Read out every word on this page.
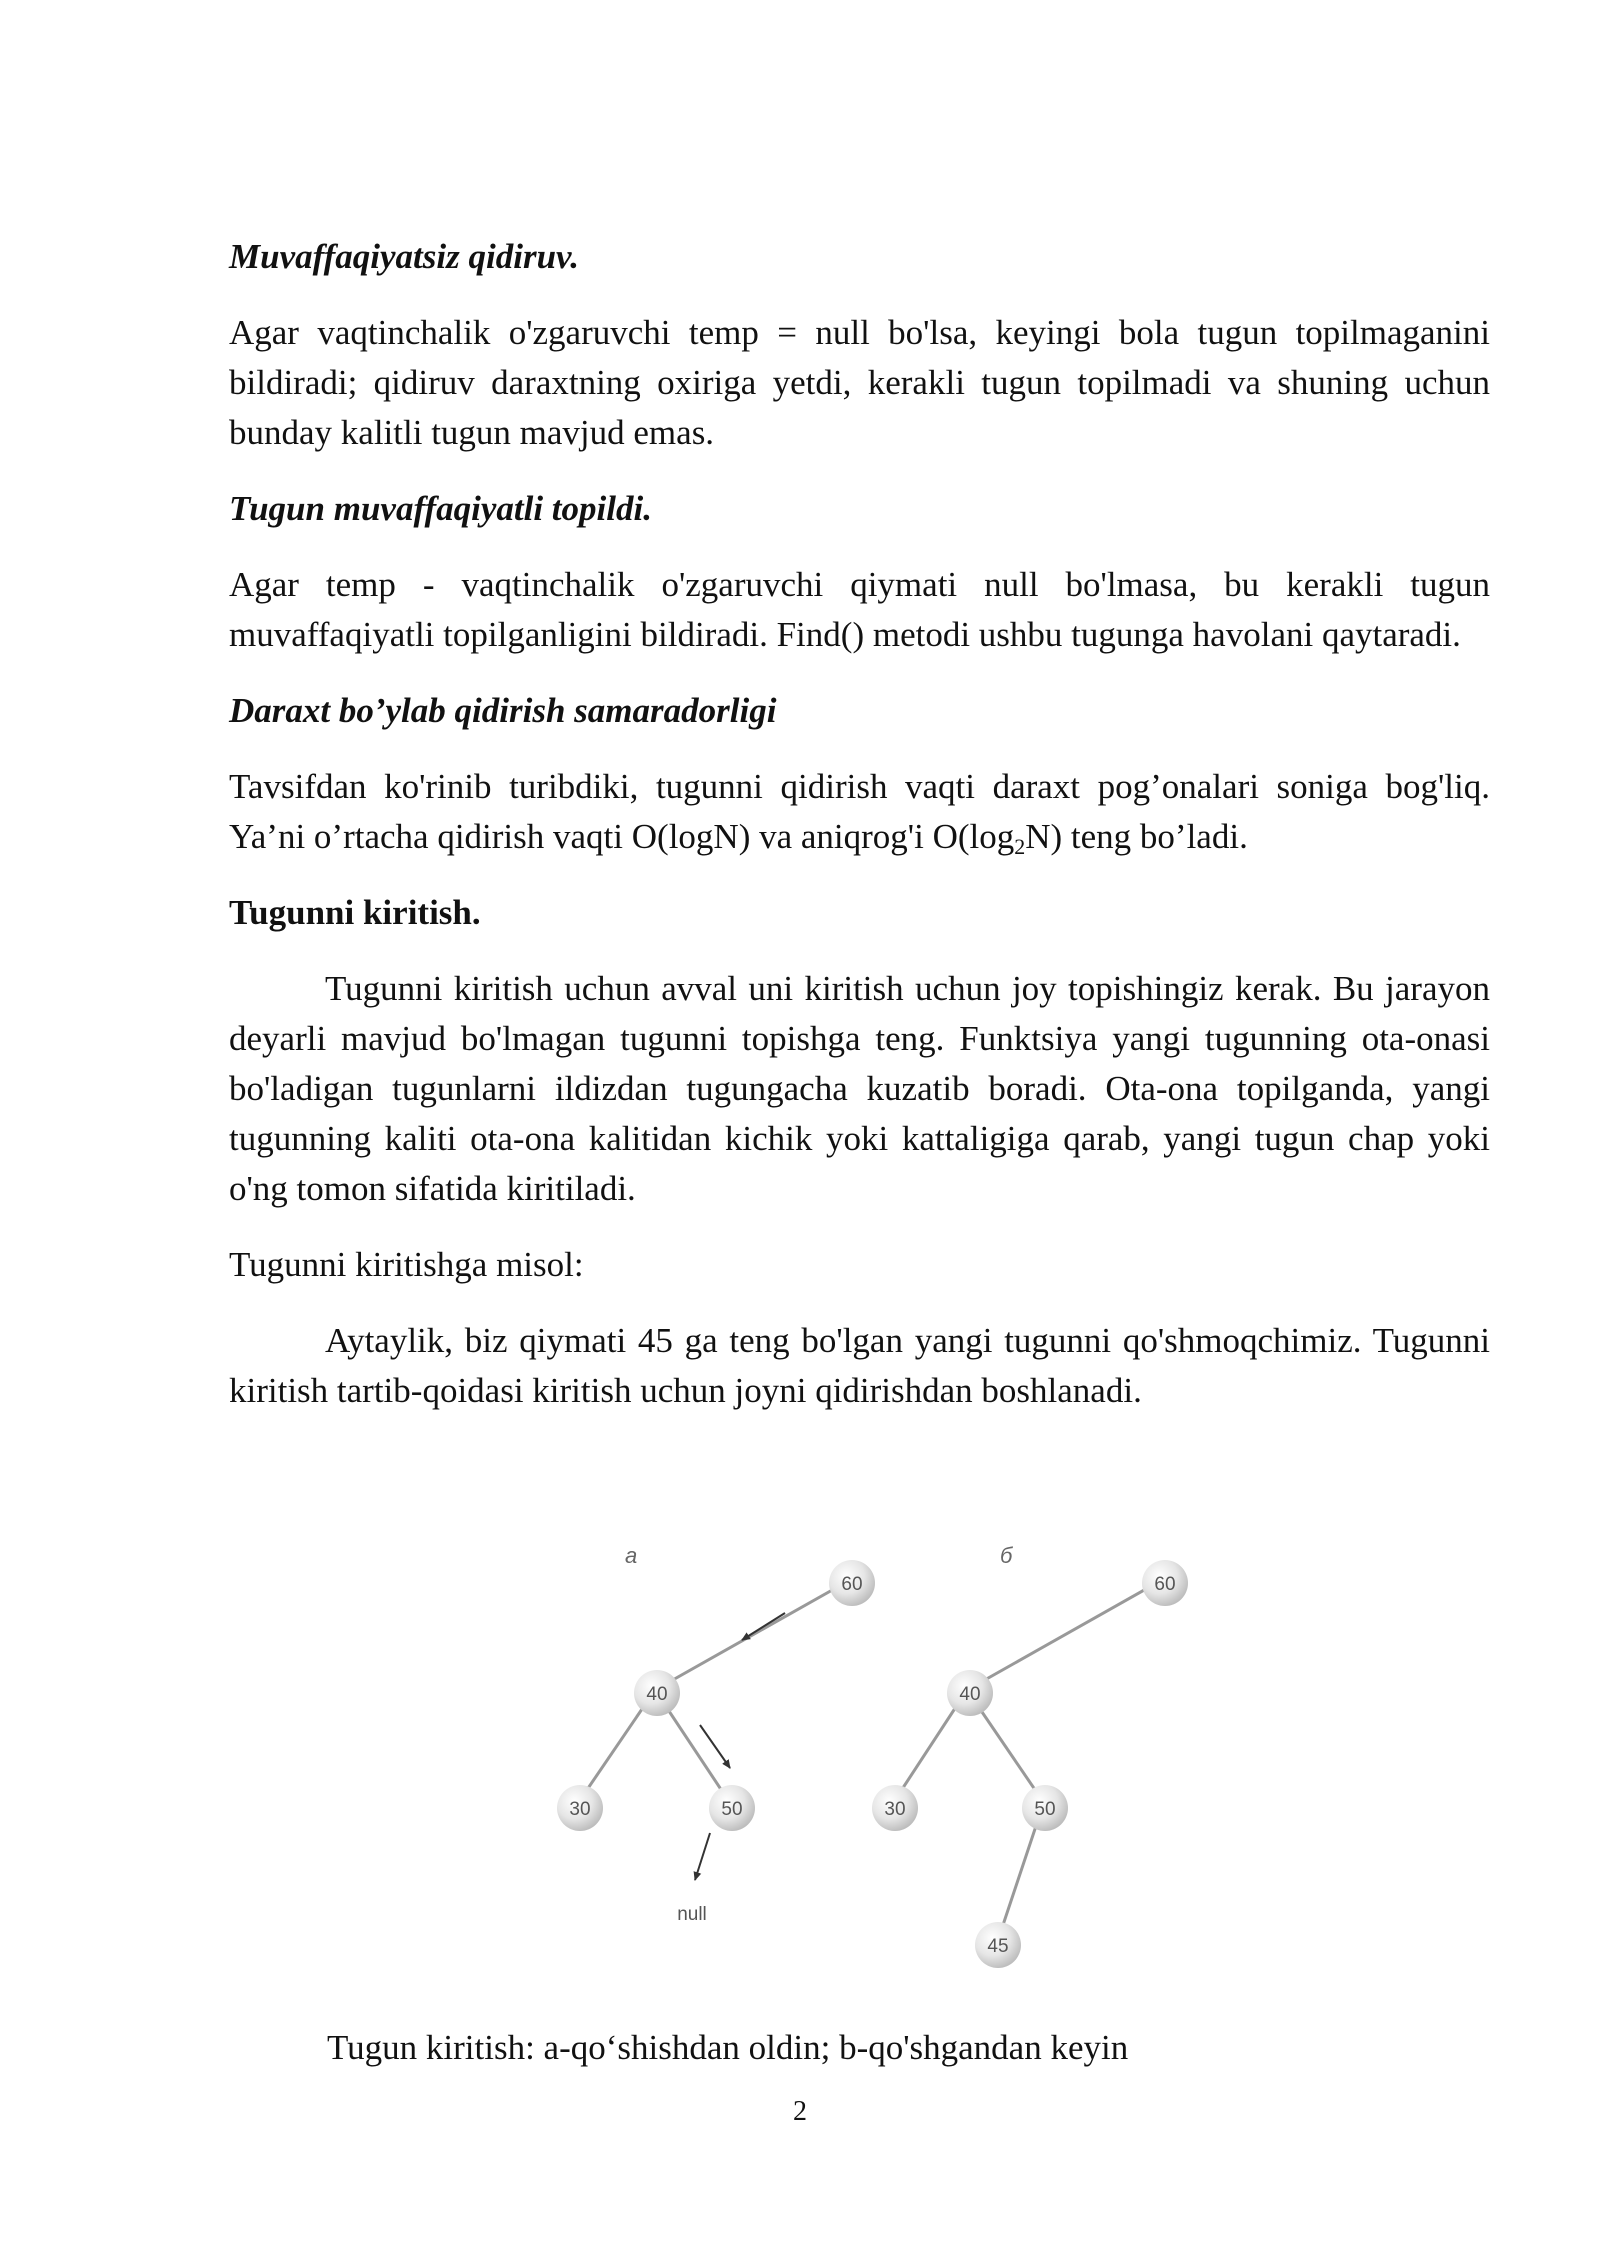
Muvaffaqiyatsiz qidiruv.

Agar vaqtinchalik o'zgaruvchi temp = null bo'lsa, keyingi bola tugun topilmaganini bildiradi; qidiruv daraxtning oxiriga yetdi, kerakli tugun topilmadi va shuning uchun bunday kalitli tugun mavjud emas.

Tugun muvaffaqiyatli topildi.

Agar temp - vaqtinchalik o'zgaruvchi qiymati null bo'lmasa, bu kerakli tugun muvaffaqiyatli topilganligini bildiradi. Find() metodi ushbu tugunga havolani qaytaradi.

Daraxt bo’ylab qidirish samaradorligi

Tavsifdan ko'rinib turibdiki, tugunni qidirish vaqti daraxt pog’onalari soniga bog'liq. Ya’ni o’rtacha qidirish vaqti O(logN) va aniqrog'i $O(\log_2N)$ teng bo’ladi.

Tugunni kiritish.

Tugunni kiritish uchun avval uni kiritish uchun joy topishingiz kerak. Bu jarayon deyarli mavjud bo'lmagan tugunni topishga teng. Funktsiya yangi tugunning ota-onasi bo'ladigan tugunlarni ildizdan tugungacha kuzatib boradi. Ota-ona topilganda, yangi tugunning kaliti ota-ona kalitidan kichik yoki kattaligiga qarab, yangi tugun chap yoki o'ng tomon sifatida kiritiladi.

Tugunni kiritishga misol:

Aytaylik, biz qiymati 45 ga teng bo'lgan yangi tugunni qo'shmoqchimiz. Tugunni kiritish tartib-qoidasi kiritish uchun joyni qidirishdan boshlanadi.

a
60
40
30	50
null
б
60
40
30	50
45
Tugun kiritish: a-qo‘shishdan oldin; b-qo'shgandan keyin
2
